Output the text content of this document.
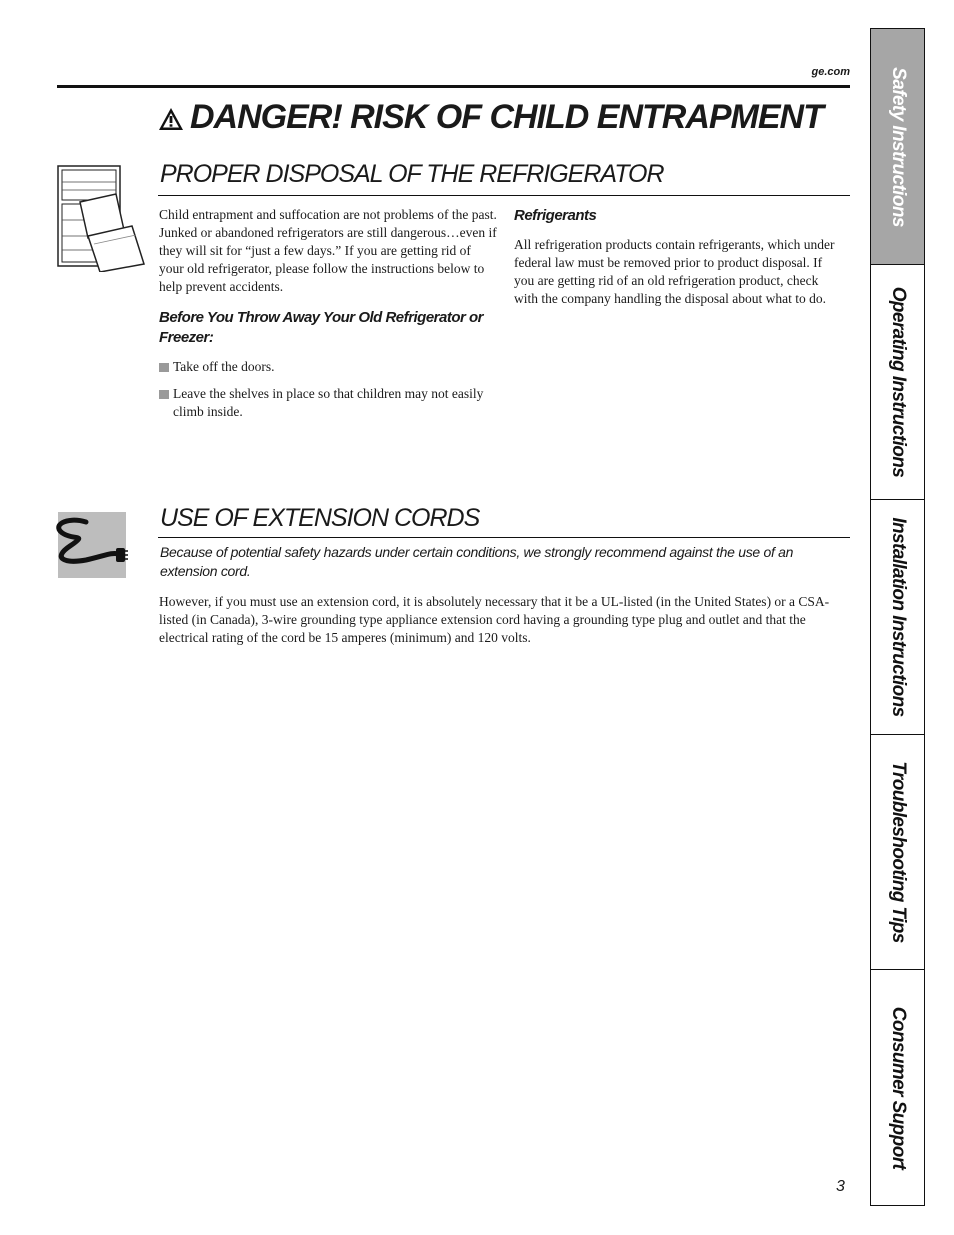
ge.com
DANGER! RISK OF CHILD ENTRAPMENT
PROPER DISPOSAL OF THE REFRIGERATOR

Child entrapment and suffocation are not problems of the past. Junked or abandoned refrigerators are still dangerous…even if they will sit for “just a few days.” If you are getting rid of your old refrigerator, please follow the instructions below to help prevent accidents.

Before You Throw Away Your Old Refrigerator or Freezer:

Take off the doors.

Leave the shelves in place so that children may not easily climb inside.

Refrigerants

All refrigeration products contain refrigerants, which under federal law must be removed prior to product disposal. If you are getting rid of an old refrigeration product, check with the company handling the disposal about what to do.

USE OF EXTENSION CORDS

Because of potential safety hazards under certain conditions, we strongly recommend against the use of an extension cord.

However, if you must use an extension cord, it is absolutely necessary that it be a UL-listed (in the United States) or a CSA-listed (in Canada), 3-wire grounding type appliance extension cord having a grounding type plug and outlet and that the electrical rating of the cord be 15 amperes (minimum) and 120 volts.

3
Safety Instructions
Operating Instructions
Installation Instructions
Troubleshooting Tips
Consumer Support
